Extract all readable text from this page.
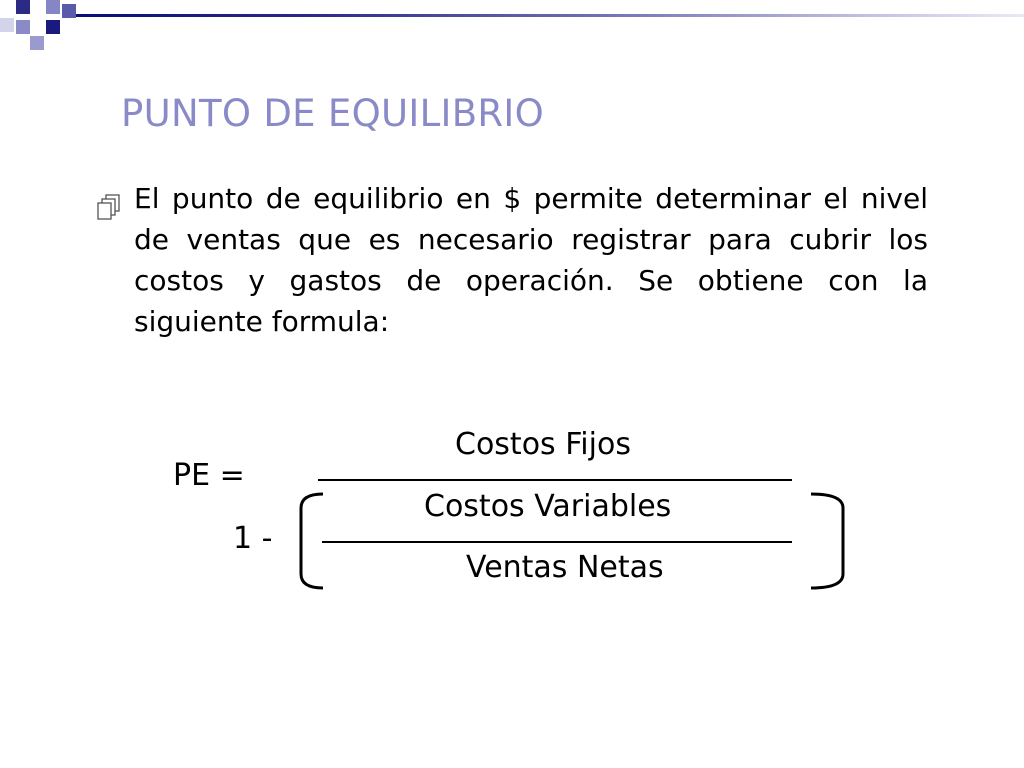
PUNTO DE EQUILIBRIO

El punto de equilibrio en $ permite determinar el nivel de ventas que es necesario registrar para cubrir los costos y gastos de operación. Se obtiene con la siguiente formula:

Costos Fijos
PE =
Costos Variables
1 -
Ventas Netas
